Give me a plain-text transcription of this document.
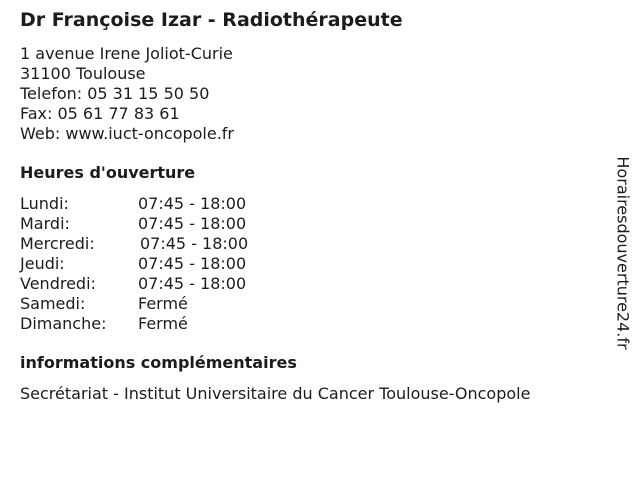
Dr Françoise Izar - Radiothérapeute
1 avenue Irene Joliot-Curie
31100 Toulouse
Telefon: 05 31 15 50 50
Fax: 05 61 77 83 61
Web: www.iuct-oncopole.fr
Heures d'ouverture
Lundi:	07:45 - 18:00
Mardi:	07:45 - 18:00
Mercredi:	07:45 - 18:00
Jeudi:	07:45 - 18:00
Vendredi:	07:45 - 18:00
Samedi:	Fermé
Dimanche: Fermé
informations complémentaires
Secrétariat - Institut Universitaire du Cancer Toulouse-Oncopole
Horairesdouverture24.fr
